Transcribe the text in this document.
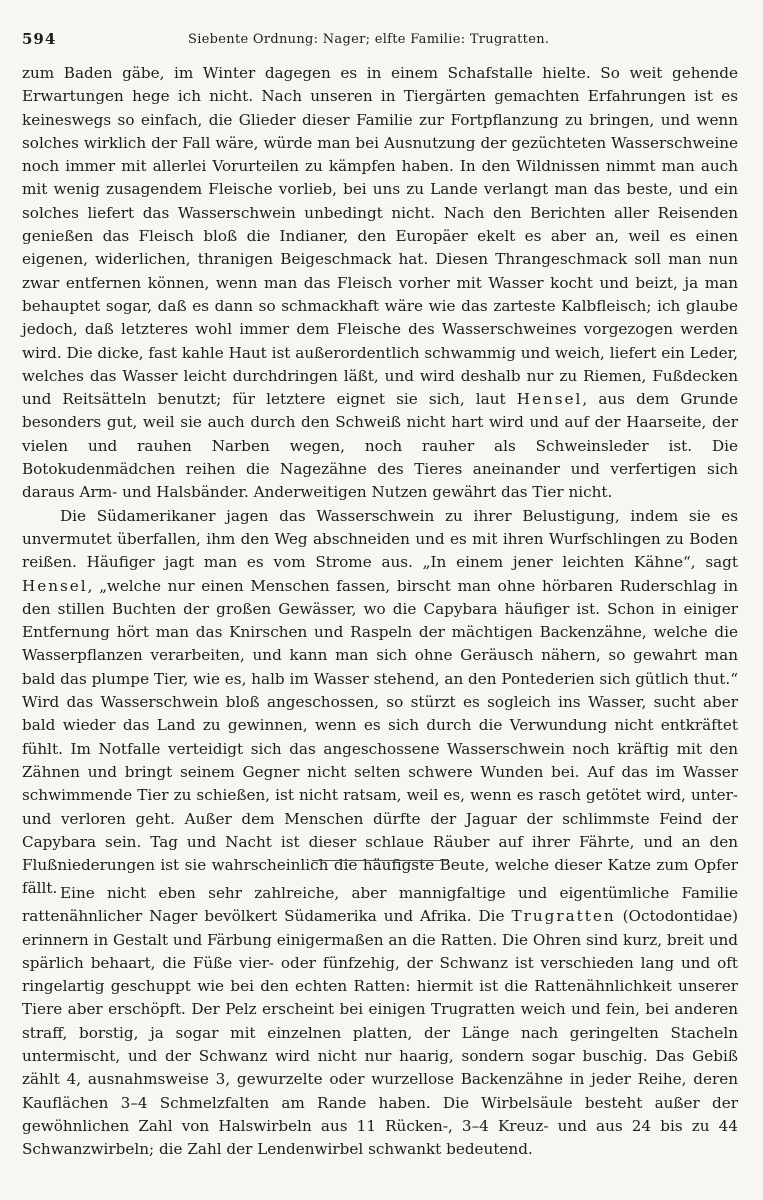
594	Siebente Ordnung: Nager; elfte Familie: Trugratten.

zum Baden gäbe, im Winter dagegen es in einem Schafstalle hielte. So weit gehende Erwartungen hege ich nicht. Nach unseren in Tiergärten gemachten Erfahrungen ist es keineswegs so einfach, die Glieder dieser Familie zur Fortpflanzung zu bringen, und wenn solches wirklich der Fall wäre, würde man bei Ausnutzung der gezüchteten Wasserschweine noch immer mit allerlei Vorurteilen zu kämpfen haben. In den Wildnissen nimmt man auch mit wenig zusagendem Fleische vorlieb, bei uns zu Lande verlangt man das beste, und ein solches liefert das Wasserschwein unbedingt nicht. Nach den Berichten aller Reisenden genießen das Fleisch bloß die Indianer, den Europäer ekelt es aber an, weil es einen eigenen, widerlichen, thranigen Beigeschmack hat. Diesen Thrangeschmack soll man nun zwar entfernen können, wenn man das Fleisch vorher mit Wasser kocht und beizt, ja man behauptet sogar, daß es dann so schmackhaft wäre wie das zarteste Kalbfleisch; ich glaube jedoch, daß letzteres wohl immer dem Fleische des Wasserschweines vorgezogen werden wird. Die dicke, fast kahle Haut ist außerordentlich schwammig und weich, liefert ein Leder, welches das Wasser leicht durchdringen läßt, und wird deshalb nur zu Riemen, Fußdecken und Reitsätteln benutzt; für letztere eignet sie sich, laut Hensel, aus dem Grunde besonders gut, weil sie auch durch den Schweiß nicht hart wird und auf der Haarseite, der vielen und rauhen Narben wegen, noch rauher als Schweinsleder ist. Die Botokudenmädchen reihen die Nagezähne des Tieres aneinander und verfertigen sich daraus Arm- und Halsbänder. Anderweitigen Nutzen gewährt das Tier nicht.

Die Südamerikaner jagen das Wasserschwein zu ihrer Belustigung, indem sie es unvermutet überfallen, ihm den Weg abschneiden und es mit ihren Wurfschlingen zu Boden reißen. Häufiger jagt man es vom Strome aus. „In einem jener leichten Kähne“, sagt Hensel, „welche nur einen Menschen fassen, birscht man ohne hörbaren Ruderschlag in den stillen Buchten der großen Gewässer, wo die Capybara häufiger ist. Schon in einiger Entfernung hört man das Knirschen und Raspeln der mächtigen Backenzähne, welche die Wasserpflanzen verarbeiten, und kann man sich ohne Geräusch nähern, so gewahrt man bald das plumpe Tier, wie es, halb im Wasser stehend, an den Pontederien sich gütlich thut.“ Wird das Wasserschwein bloß angeschossen, so stürzt es sogleich ins Wasser, sucht aber bald wieder das Land zu gewinnen, wenn es sich durch die Verwundung nicht entkräftet fühlt. Im Notfalle verteidigt sich das angeschossene Wasserschwein noch kräftig mit den Zähnen und bringt seinem Gegner nicht selten schwere Wunden bei. Auf das im Wasser schwimmende Tier zu schießen, ist nicht ratsam, weil es, wenn es rasch getötet wird, unter- und verloren geht. Außer dem Menschen dürfte der Jaguar der schlimmste Feind der Capybara sein. Tag und Nacht ist dieser schlaue Räuber auf ihrer Fährte, und an den Flußniederungen ist sie wahrscheinlich die häufigste Beute, welche dieser Katze zum Opfer fällt. Eine nicht eben sehr zahlreiche, aber mannigfaltige und eigentümliche Familie rattenähnlicher Nager bevölkert Südamerika und Afrika. Die Trugratten (Octodontidae) erinnern in Gestalt und Färbung einigermaßen an die Ratten. Die Ohren sind kurz, breit und spärlich behaart, die Füße vier- oder fünfzehig, der Schwanz ist verschieden lang und oft ringelartig geschuppt wie bei den echten Ratten: hiermit ist die Rattenähnlichkeit unserer Tiere aber erschöpft. Der Pelz erscheint bei einigen Trugratten weich und fein, bei anderen straff, borstig, ja sogar mit einzelnen platten, der Länge nach geringelten Stacheln untermischt, und der Schwanz wird nicht nur haarig, sondern sogar buschig. Das Gebiß zählt 4, ausnahmsweise 3, gewurzelte oder wurzellose Backenzähne in jeder Reihe, deren Kauflächen 3–4 Schmelzfalten am Rande haben. Die Wirbelsäule besteht außer der gewöhnlichen Zahl von Halswirbeln aus 11 Rücken-, 3–4 Kreuz- und aus 24 bis zu 44 Schwanzwirbeln; die Zahl der Lendenwirbel schwankt bedeutend.
